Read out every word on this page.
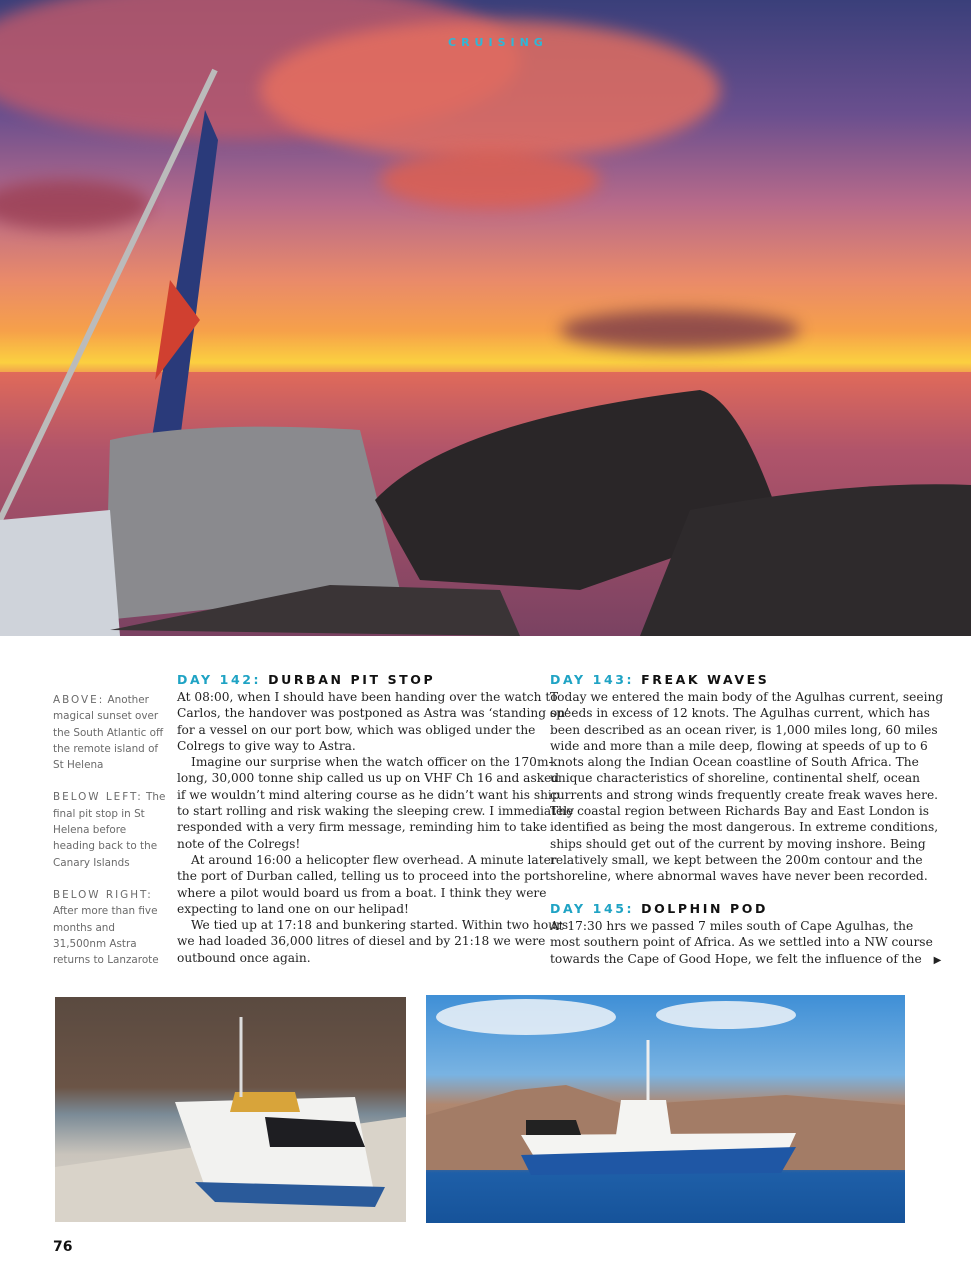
CRUISING

ABOVE: Another magical sunset over the South Atlantic off the remote island of St Helena

BELOW LEFT: The final pit stop in St Helena before heading back to the Canary Islands

BELOW RIGHT: After more than five months and 31,500nm Astra returns to Lanzarote

DAY 142: DURBAN PIT STOP
At 08:00, when I should have been handing over the watch to
Carlos, the handover was postponed as Astra was ‘standing on’
for a vessel on our port bow, which was obliged under the
Colregs to give way to Astra.
Imagine our surprise when the watch officer on the 170m-
long, 30,000 tonne ship called us up on VHF Ch 16 and asked
if we wouldn’t mind altering course as he didn’t want his ship
to start rolling and risk waking the sleeping crew. I immediately
responded with a very firm message, reminding him to take
note of the Colregs!
At around 16:00 a helicopter flew overhead. A minute later
the port of Durban called, telling us to proceed into the port
where a pilot would board us from a boat. I think they were
expecting to land one on our helipad!
We tied up at 17:18 and bunkering started. Within two hours
we had loaded 36,000 litres of diesel and by 21:18 we were
outbound once again.
DAY 143: FREAK WAVES
Today we entered the main body of the Agulhas current, seeing
speeds in excess of 12 knots. The Agulhas current, which has
been described as an ocean river, is 1,000 miles long, 60 miles
wide and more than a mile deep, flowing at speeds of up to 6
knots along the Indian Ocean coastline of South Africa. The
unique characteristics of shoreline, continental shelf, ocean
currents and strong winds frequently create freak waves here.
The coastal region between Richards Bay and East London is
identified as being the most dangerous. In extreme conditions,
ships should get out of the current by moving inshore. Being
relatively small, we kept between the 200m contour and the
shoreline, where abnormal waves have never been recorded.
DAY 145: DOLPHIN POD
At 17:30 hrs we passed 7 miles south of Cape Agulhas, the
most southern point of Africa. As we settled into a NW course
towards the Cape of Good Hope, we felt the influence of the ▶
76
